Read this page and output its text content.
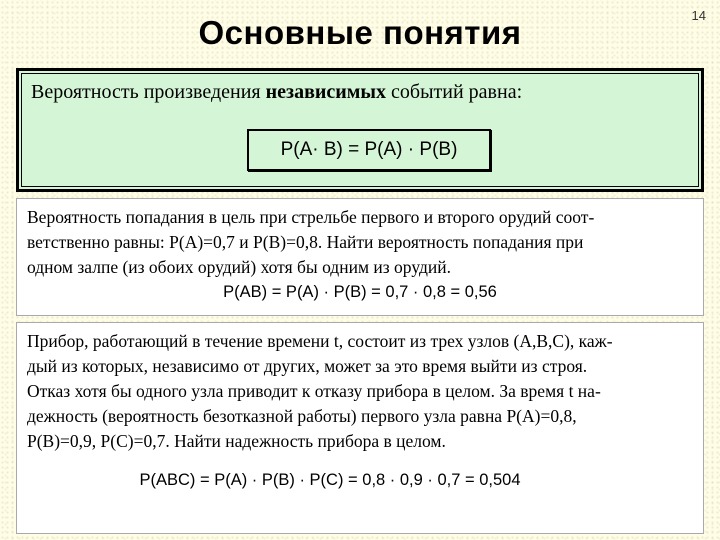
Основные понятия	14
Вероятность произведения независимых событий равна:
P(A· B) = P(A) · P(B)
Вероятность попадания в цель при стрельбе первого и второго орудий соот-
ветственно равны: P(A)=0,7 и P(B)=0,8. Найти вероятность попадания при
одном залпе (из обоих орудий) хотя бы одним из орудий.
P(AB) = P(A) · P(B) = 0,7 · 0,8 = 0,56
Прибор, работающий в течение времени t, состоит из трех узлов (A,B,C), каж-
дый из которых, независимо от других, может за это время выйти из строя.
Отказ хотя бы одного узла приводит к отказу прибора в целом. За время t на-
дежность (вероятность безотказной работы) первого узла равна P(A)=0,8,
P(B)=0,9, P(C)=0,7. Найти надежность прибора в целом.
P(ABC) = P(A) · P(B) · P(C) = 0,8 · 0,9 · 0,7 = 0,504
